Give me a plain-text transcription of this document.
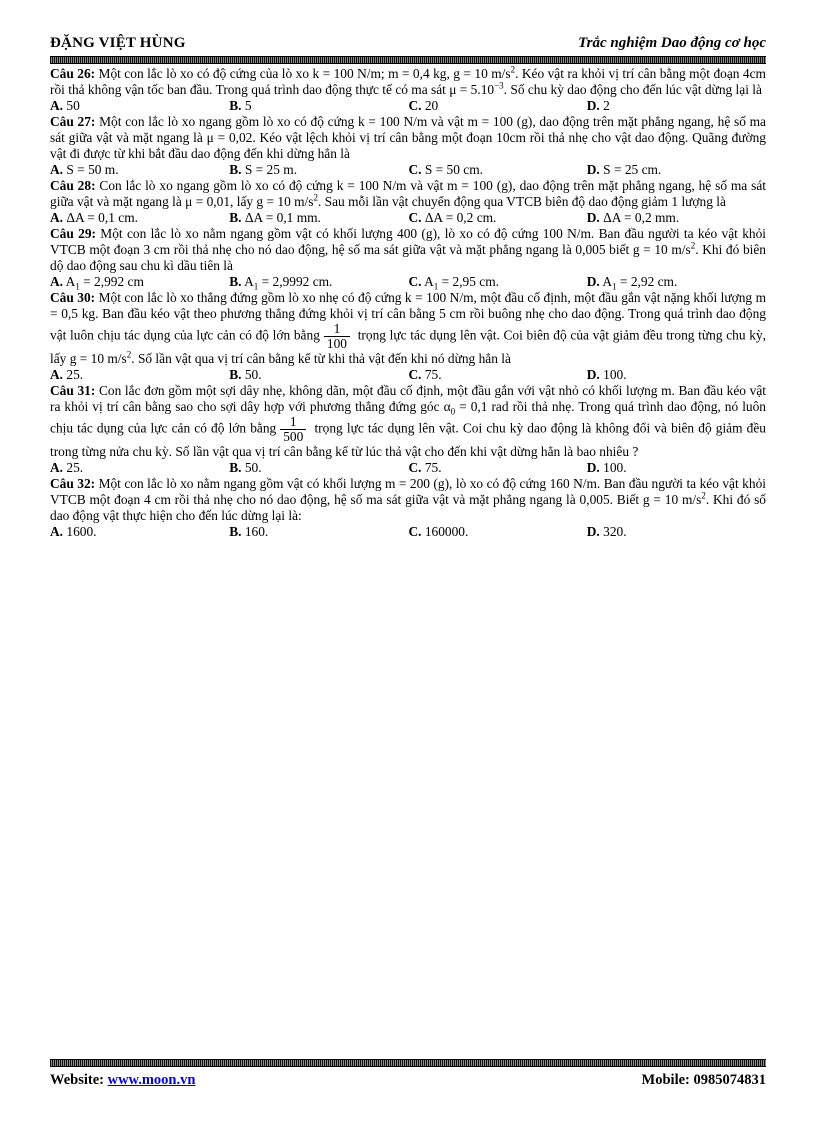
ĐẶNG VIỆT HÙNG	Trắc nghiệm Dao động cơ học

Câu 26: Một con lắc lò xo có độ cứng của lò xo k = 100 N/m; m = 0,4 kg, g = 10 $m/s^2$. Kéo vật ra khỏi vị trí cân bằng một đoạn 4cm rồi thả không vận tốc ban đầu. Trong quá trình dao động thực tế có ma sát $\mu = 5.10^{-3}$. Số chu kỳ dao động cho đến lúc vật dừng lại là

A. 50	B. 5	C. 20	D. 2

Câu 27: Một con lắc lò xo ngang gồm lò xo có độ cứng k = 100 N/m và vật m = 100 (g), dao động trên mặt phẳng ngang, hệ số ma sát giữa vật và mặt ngang là μ = 0,02. Kéo vật lệch khỏi vị trí cân bằng một đoạn 10cm rồi thả nhẹ cho vật dao động. Quãng đường vật đi được từ khi bắt đầu dao động đến khi dừng hẳn là

A. S = 50 m.	B. S = 25 m.	C. S = 50 cm.	D. S = 25 cm.

Câu 28: Con lắc lò xo ngang gồm lò xo có độ cứng k = 100 N/m và vật m = 100 (g), dao động trên mặt phẳng ngang, hệ số ma sát giữa vật và mặt ngang là μ = 0,01, lấy g = 10 $m/s^2$. Sau mỗi lần vật chuyển động qua VTCB biên độ dao động giảm 1 lượng là

A. ΔA = 0,1 cm.	B. ΔA = 0,1 mm.	C. ΔA = 0,2 cm.	D. ΔA = 0,2 mm.

Câu 29: Một con lắc lò xo nằm ngang gồm vật có khối lượng 400 (g), lò xo có độ cứng 100 N/m. Ban đầu người ta kéo vật khỏi VTCB một đoạn 3 cm rồi thả nhẹ cho nó dao động, hệ số ma sát giữa vật và mặt phẳng ngang là 0,005 biết g = 10 $m/s^2$. Khi đó biên dộ dao động sau chu kì dầu tiên là

A. $A_1 = 2,992$ cm	B. $A_1 = 2,9992$ cm.	C. $A_1 = 2,95$ cm.	D. $A_1 = 2,92$ cm.

Câu 30: Một con lắc lò xo thẳng đứng gồm lò xo nhẹ có độ cứng k = 100 N/m, một đầu cố định, một đầu gắn vật nặng khối lượng m = 0,5 kg. Ban đầu kéo vật theo phương thẳng đứng khỏi vị trí cân bằng 5 cm rồi buông nhẹ cho dao động. Trong quá trình dao động vật luôn chịu tác dụng của lực cản có độ lớn bằng $\frac{1}{100}$ trọng lực tác dụng lên vật. Coi biên độ của vật giảm đều trong từng chu kỳ, lấy g = 10 $m/s^2$. Số lần vật qua vị trí cân bằng kể từ khi thả vật đến khi nó dừng hẳn là

A. 25.	B. 50.	C. 75.	D. 100.

Câu 31: Con lắc đơn gồm một sợi dây nhẹ, không dãn, một đầu cố định, một đầu gắn với vật nhỏ có khối lượng m. Ban đầu kéo vật ra khỏi vị trí cân bằng sao cho sợi dây hợp với phương thẳng đứng góc $\alpha_0 = 0,1$ rad rồi thả nhẹ. Trong quá trình dao động, nó luôn chịu tác dụng của lực cản có độ lớn bằng $\frac{1}{500}$ trọng lực tác dụng lên vật. Coi chu kỳ dao động là không đổi và biên độ giảm đều trong từng nửa chu kỳ. Số lần vật qua vị trí cân bằng kể từ lúc thả vật cho đến khi vật dừng hẳn là bao nhiêu ?

A. 25.	B. 50.	C. 75.	D. 100.

Câu 32: Một con lắc lò xo nằm ngang gồm vật có khối lượng m = 200 (g), lò xo có độ cứng 160 N/m. Ban đầu người ta kéo vật khỏi VTCB một đoạn 4 cm rồi thả nhẹ cho nó dao động, hệ số ma sát giữa vật và mặt phẳng ngang là 0,005. Biết g = 10 $m/s^2$. Khi đó số dao động vật thực hiện cho đến lúc dừng lại là:

A. 1600.	B. 160.	C. 160000.	D. 320.
Website: www.moon.vn	Mobile: 0985074831
